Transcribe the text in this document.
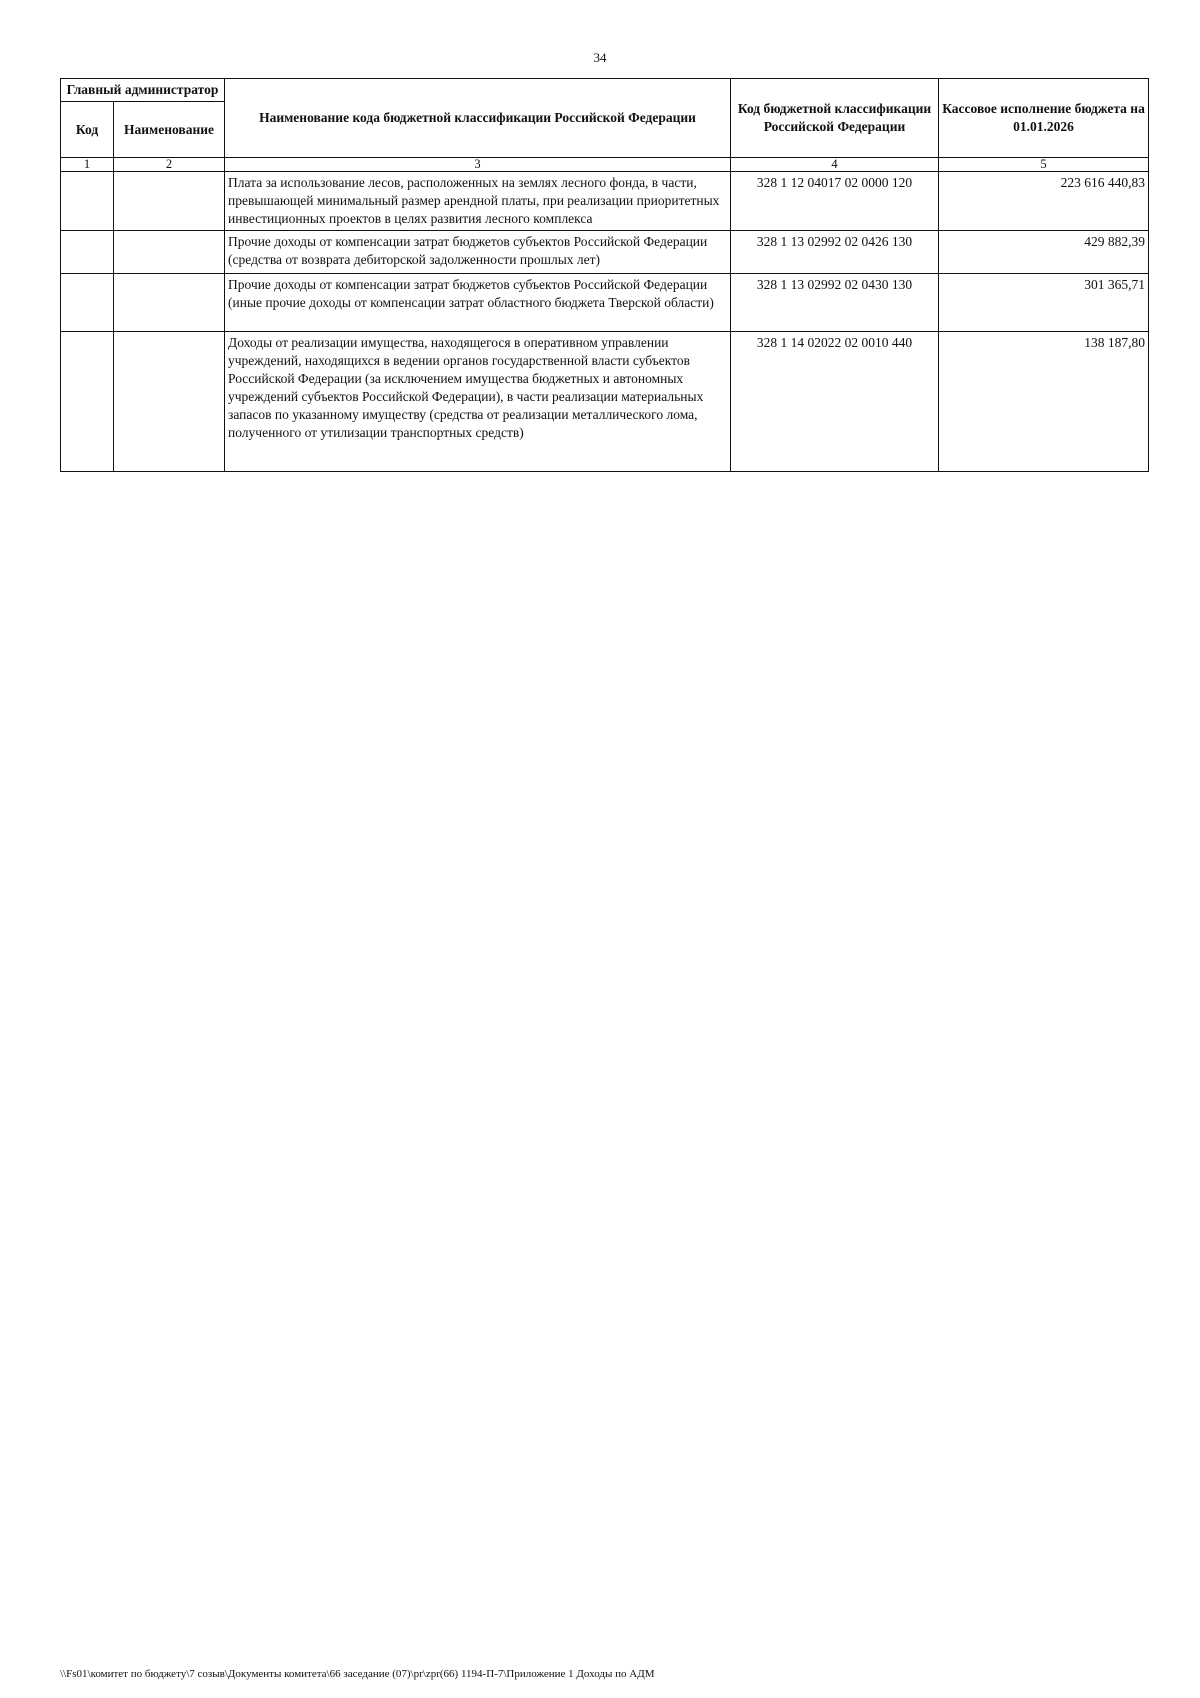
34
Главный администратор		Наименование кода бюджетной классификации Российской Федерации	Код бюджетной классификации Российской Федерации	Кассовое исполнение бюджета на 01.01.2026
Код	Наименование			
1	2	3	4	5
		Плата за использование лесов, расположенных на землях лесного фонда, в части, превышающей минимальный размер арендной платы, при реализации приоритетных инвестиционных проектов в целях развития лесного комплекса	328 1 12 04017 02 0000 120	223 616 440,83
		Прочие доходы от компенсации затрат бюджетов субъектов Российской Федерации (средства от возврата дебиторской задолженности прошлых лет)	328 1 13 02992 02 0426 130	429 882,39
		Прочие доходы от компенсации затрат бюджетов субъектов Российской Федерации (иные прочие доходы от компенсации затрат областного бюджета Тверской области)	328 1 13 02992 02 0430 130	301 365,71
		Доходы от реализации имущества, находящегося в оперативном управлении учреждений, находящихся в ведении органов государственной власти субъектов Российской Федерации (за исключением имущества бюджетных и автономных учреждений субъектов Российской Федерации), в части реализации материальных запасов по указанному имуществу (средства от реализации металлического лома, полученного от утилизации транспортных средств)	328 1 14 02022 02 0010 440	138 187,80
\\Fs01\комитет по бюджету\7 созыв\Документы комитета\66 заседание (07)\pr\zpr(66) 1194-П-7\Приложение 1 Доходы по АДМ
